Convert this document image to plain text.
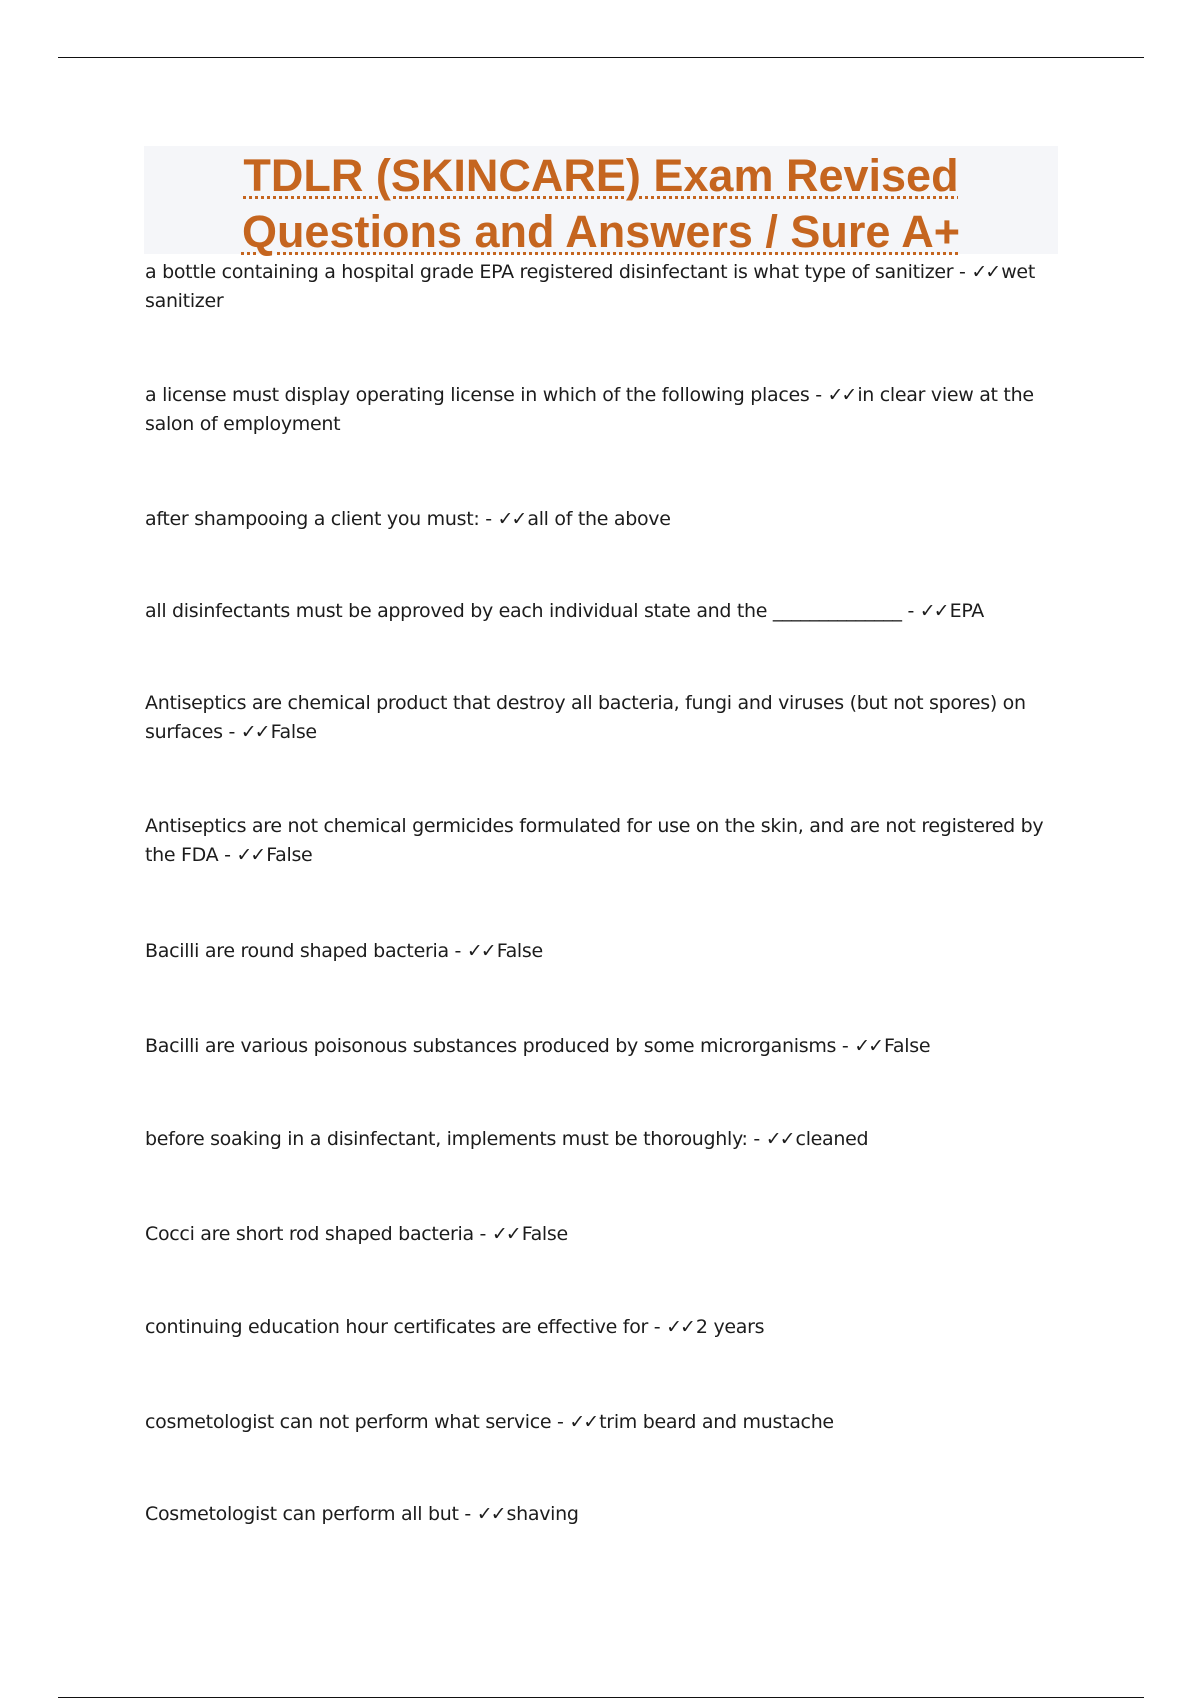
TDLR (SKINCARE) Exam Revised
Questions and Answers / Sure A+
a bottle containing a hospital grade EPA registered disinfectant is what type of sanitizer - ✓✓ wet sanitizer
a license must display operating license in which of the following places - ✓✓ in clear view at the salon of employment
after shampooing a client you must: - ✓✓ all of the above
all disinfectants must be approved by each individual state and the ______________ - ✓✓ EPA
Antiseptics are chemical product that destroy all bacteria, fungi and viruses (but not spores) on surfaces - ✓✓ False
Antiseptics are not chemical germicides formulated for use on the skin, and are not registered by the FDA - ✓✓ False
Bacilli are round shaped bacteria - ✓✓ False
Bacilli are various poisonous substances produced by some microrganisms - ✓✓ False
before soaking in a disinfectant, implements must be thoroughly: - ✓✓ cleaned
Cocci are short rod shaped bacteria - ✓✓ False
continuing education hour certificates are effective for - ✓✓ 2 years
cosmetologist can not perform what service - ✓✓ trim beard and mustache
Cosmetologist can perform all but - ✓✓ shaving
